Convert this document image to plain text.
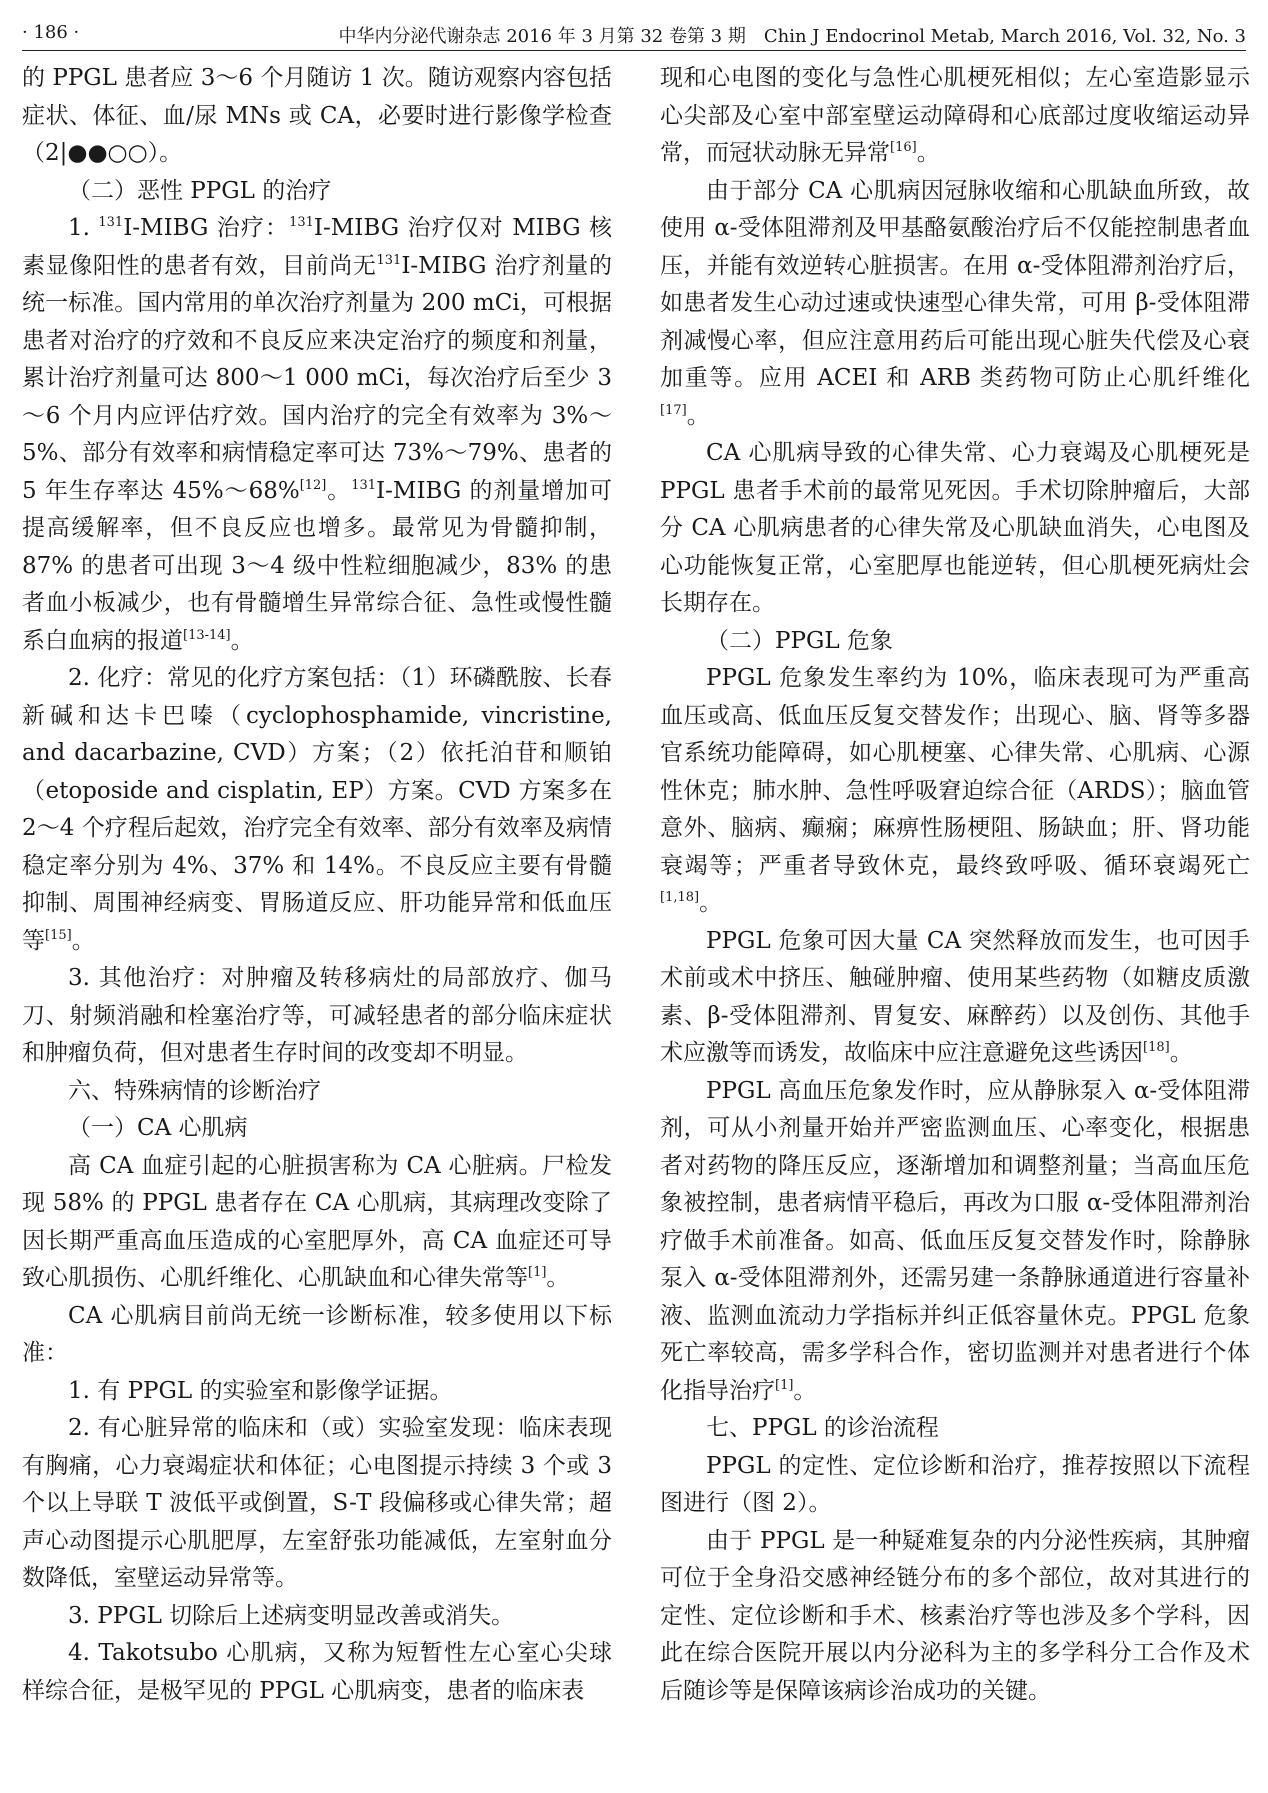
· 186 ·	中华内分泌代谢杂志 2016 年 3 月第 32 卷第 3 期　Chin J Endocrinol Metab, March 2016, Vol. 32, No. 3

的 PPGL 患者应 3～6 个月随访 1 次。随访观察内容包括症状、体征、血/尿 MNs 或 CA，必要时进行影像学检查（2|●●○○）。

（二）恶性 PPGL 的治疗

1. $^{131}$I-MIBG 治疗：$^{131}$I-MIBG 治疗仅对 MIBG 核素显像阳性的患者有效，目前尚无$^{131}$I-MIBG 治疗剂量的统一标准。国内常用的单次治疗剂量为 200 mCi，可根据患者对治疗的疗效和不良反应来决定治疗的频度和剂量，累计治疗剂量可达 800～1 000 mCi，每次治疗后至少 3～6 个月内应评估疗效。国内治疗的完全有效率为 3%～5%、部分有效率和病情稳定率可达 73%～79%、患者的 5 年生存率达 45%～68%[12]。$^{131}$I-MIBG 的剂量增加可提高缓解率，但不良反应也增多。最常见为骨髓抑制，87% 的患者可出现 3～4 级中性粒细胞减少，83% 的患者血小板减少，也有骨髓增生异常综合征、急性或慢性髓系白血病的报道[13-14]。

2. 化疗：常见的化疗方案包括：（1）环磷酰胺、长春新碱和达卡巴嗪（cyclophosphamide, vincristine, and dacarbazine, CVD）方案；（2）依托泊苷和顺铂（etoposide and cisplatin, EP）方案。CVD 方案多在 2～4 个疗程后起效，治疗完全有效率、部分有效率及病情稳定率分别为 4%、37% 和 14%。不良反应主要有骨髓抑制、周围神经病变、胃肠道反应、肝功能异常和低血压等[15]。

3. 其他治疗：对肿瘤及转移病灶的局部放疗、伽马刀、射频消融和栓塞治疗等，可减轻患者的部分临床症状和肿瘤负荷，但对患者生存时间的改变却不明显。

六、特殊病情的诊断治疗

（一）CA 心肌病

高 CA 血症引起的心脏损害称为 CA 心脏病。尸检发现 58% 的 PPGL 患者存在 CA 心肌病，其病理改变除了因长期严重高血压造成的心室肥厚外，高 CA 血症还可导致心肌损伤、心肌纤维化、心肌缺血和心律失常等[1]。

CA 心肌病目前尚无统一诊断标准，较多使用以下标准：

1. 有 PPGL 的实验室和影像学证据。

2. 有心脏异常的临床和（或）实验室发现：临床表现有胸痛，心力衰竭症状和体征；心电图提示持续 3 个或 3 个以上导联 T 波低平或倒置，S-T 段偏移或心律失常；超声心动图提示心肌肥厚，左室舒张功能减低，左室射血分数降低，室壁运动异常等。

3. PPGL 切除后上述病变明显改善或消失。

4. Takotsubo 心肌病，又称为短暂性左心室心尖球样综合征，是极罕见的 PPGL 心肌病变，患者的临床表

现和心电图的变化与急性心肌梗死相似；左心室造影显示心尖部及心室中部室壁运动障碍和心底部过度收缩运动异常，而冠状动脉无异常[16]。

由于部分 CA 心肌病因冠脉收缩和心肌缺血所致，故使用 α-受体阻滞剂及甲基酪氨酸治疗后不仅能控制患者血压，并能有效逆转心脏损害。在用 α-受体阻滞剂治疗后，如患者发生心动过速或快速型心律失常，可用 β-受体阻滞剂减慢心率，但应注意用药后可能出现心脏失代偿及心衰加重等。应用 ACEI 和 ARB 类药物可防止心肌纤维化[17]。

CA 心肌病导致的心律失常、心力衰竭及心肌梗死是 PPGL 患者手术前的最常见死因。手术切除肿瘤后，大部分 CA 心肌病患者的心律失常及心肌缺血消失，心电图及心功能恢复正常，心室肥厚也能逆转，但心肌梗死病灶会长期存在。

（二）PPGL 危象

PPGL 危象发生率约为 10%，临床表现可为严重高血压或高、低血压反复交替发作；出现心、脑、肾等多器官系统功能障碍，如心肌梗塞、心律失常、心肌病、心源性休克；肺水肿、急性呼吸窘迫综合征（ARDS）；脑血管意外、脑病、癫痫；麻痹性肠梗阻、肠缺血；肝、肾功能衰竭等；严重者导致休克，最终致呼吸、循环衰竭死亡[1,18]。

PPGL 危象可因大量 CA 突然释放而发生，也可因手术前或术中挤压、触碰肿瘤、使用某些药物（如糖皮质激素、β-受体阻滞剂、胃复安、麻醉药）以及创伤、其他手术应激等而诱发，故临床中应注意避免这些诱因[18]。

PPGL 高血压危象发作时，应从静脉泵入 α-受体阻滞剂，可从小剂量开始并严密监测血压、心率变化，根据患者对药物的降压反应，逐渐增加和调整剂量；当高血压危象被控制，患者病情平稳后，再改为口服 α-受体阻滞剂治疗做手术前准备。如高、低血压反复交替发作时，除静脉泵入 α-受体阻滞剂外，还需另建一条静脉通道进行容量补液、监测血流动力学指标并纠正低容量休克。PPGL 危象死亡率较高，需多学科合作，密切监测并对患者进行个体化指导治疗[1]。

七、PPGL 的诊治流程

PPGL 的定性、定位诊断和治疗，推荐按照以下流程图进行（图 2）。

由于 PPGL 是一种疑难复杂的内分泌性疾病，其肿瘤可位于全身沿交感神经链分布的多个部位，故对其进行的定性、定位诊断和手术、核素治疗等也涉及多个学科，因此在综合医院开展以内分泌科为主的多学科分工合作及术后随诊等是保障该病诊治成功的关键。
